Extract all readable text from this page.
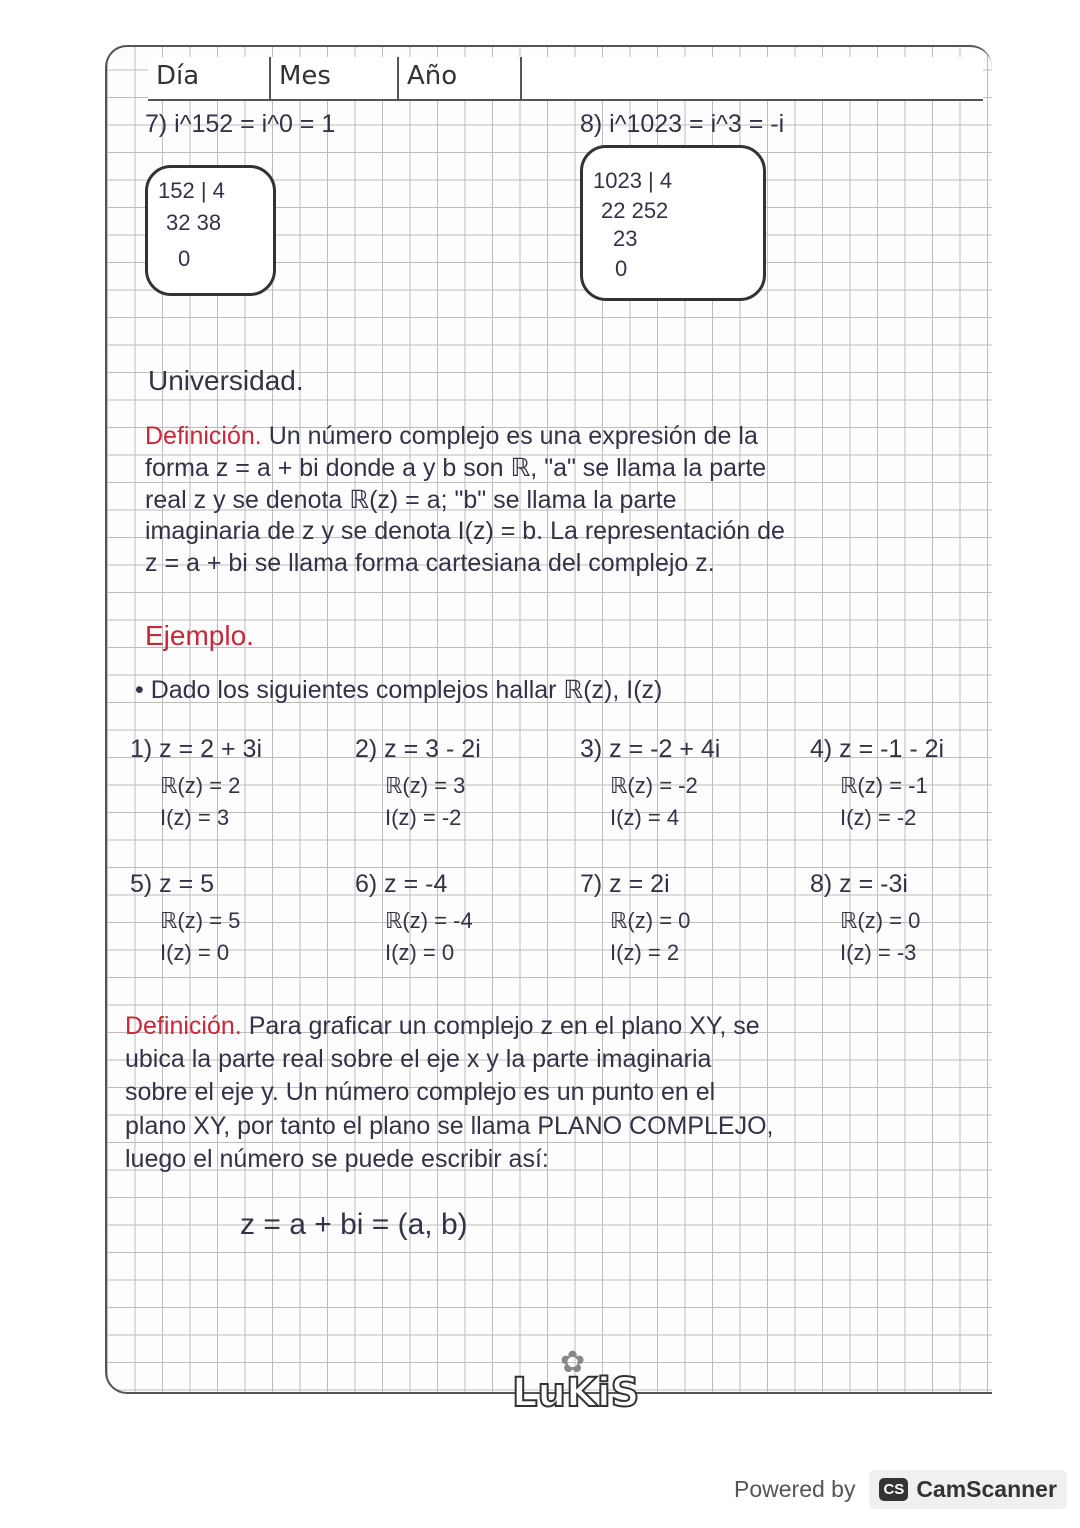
Día	Mes	Año
7) i^152 = i^0 = 1
152 | 4
32 38
0
8) i^1023 = i^3 = -i
1023 | 4
22 252
23
0
Universidad.
Definición. Un número complejo es una expresión de la
forma z = a + bi donde a y b son ℝ, "a" se llama la parte
real z y se denota ℝ(z) = a; "b" se llama la parte
imaginaria de z y se denota I(z) = b. La representación de
z = a + bi se llama forma cartesiana del complejo z.
Ejemplo.
• Dado los siguientes complejos hallar ℝ(z), I(z)
1) z = 2 + 3i
ℝ(z) = 2
I(z) = 3
2) z = 3 - 2i
ℝ(z) = 3
I(z) = -2
3) z = -2 + 4i
ℝ(z) = -2
I(z) = 4
4) z = -1 - 2i
ℝ(z) = -1
I(z) = -2
5) z = 5
ℝ(z) = 5
I(z) = 0
6) z = -4
ℝ(z) = -4
I(z) = 0
7) z = 2i
ℝ(z) = 0
I(z) = 2
8) z = -3i
ℝ(z) = 0
I(z) = -3
Definición. Para graficar un complejo z en el plano XY, se
ubica la parte real sobre el eje x y la parte imaginaria
sobre el eje y. Un número complejo es un punto en el
plano XY, por tanto el plano se llama PLANO COMPLEJO,
luego el número se puede escribir así:
z = a + bi = (a, b)
✿
LuKiS
Powered by CS CamScanner
